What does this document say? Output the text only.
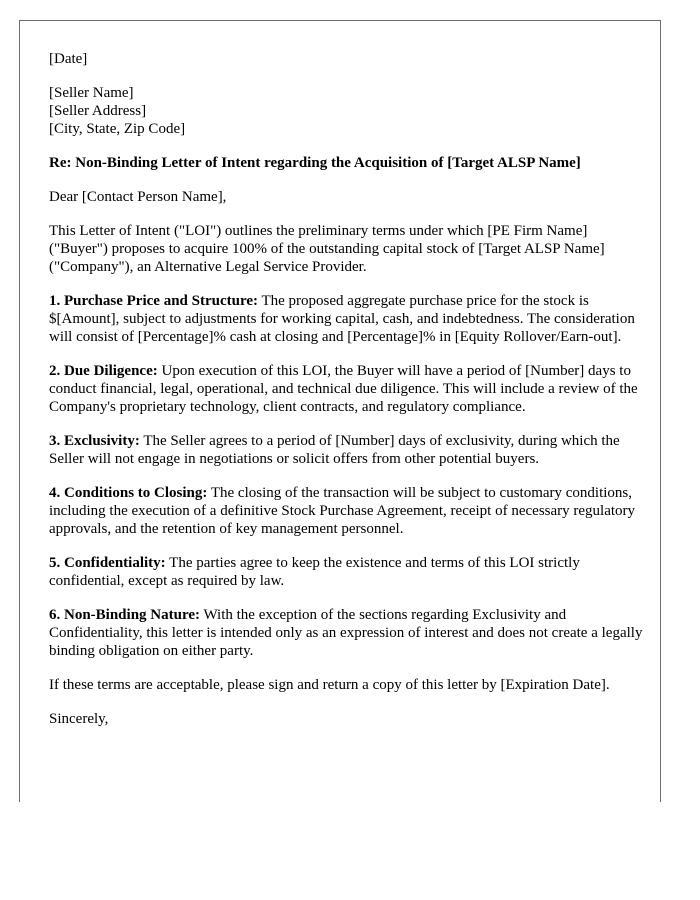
[Date]

[Seller Name]
[Seller Address]
[City, State, Zip Code]

Re: Non-Binding Letter of Intent regarding the Acquisition of [Target ALSP Name]

Dear [Contact Person Name],

This Letter of Intent ("LOI") outlines the preliminary terms under which [PE Firm Name] ("Buyer") proposes to acquire 100% of the outstanding capital stock of [Target ALSP Name] ("Company"), an Alternative Legal Service Provider.

1. Purchase Price and Structure: The proposed aggregate purchase price for the stock is $[Amount], subject to adjustments for working capital, cash, and indebtedness. The consideration will consist of [Percentage]% cash at closing and [Percentage]% in [Equity Rollover/Earn-out].

2. Due Diligence: Upon execution of this LOI, the Buyer will have a period of [Number] days to conduct financial, legal, operational, and technical due diligence. This will include a review of the Company's proprietary technology, client contracts, and regulatory compliance.

3. Exclusivity: The Seller agrees to a period of [Number] days of exclusivity, during which the Seller will not engage in negotiations or solicit offers from other potential buyers.

4. Conditions to Closing: The closing of the transaction will be subject to customary conditions, including the execution of a definitive Stock Purchase Agreement, receipt of necessary regulatory approvals, and the retention of key management personnel.

5. Confidentiality: The parties agree to keep the existence and terms of this LOI strictly confidential, except as required by law.

6. Non-Binding Nature: With the exception of the sections regarding Exclusivity and Confidentiality, this letter is intended only as an expression of interest and does not create a legally binding obligation on either party.

If these terms are acceptable, please sign and return a copy of this letter by [Expiration Date].

Sincerely,
